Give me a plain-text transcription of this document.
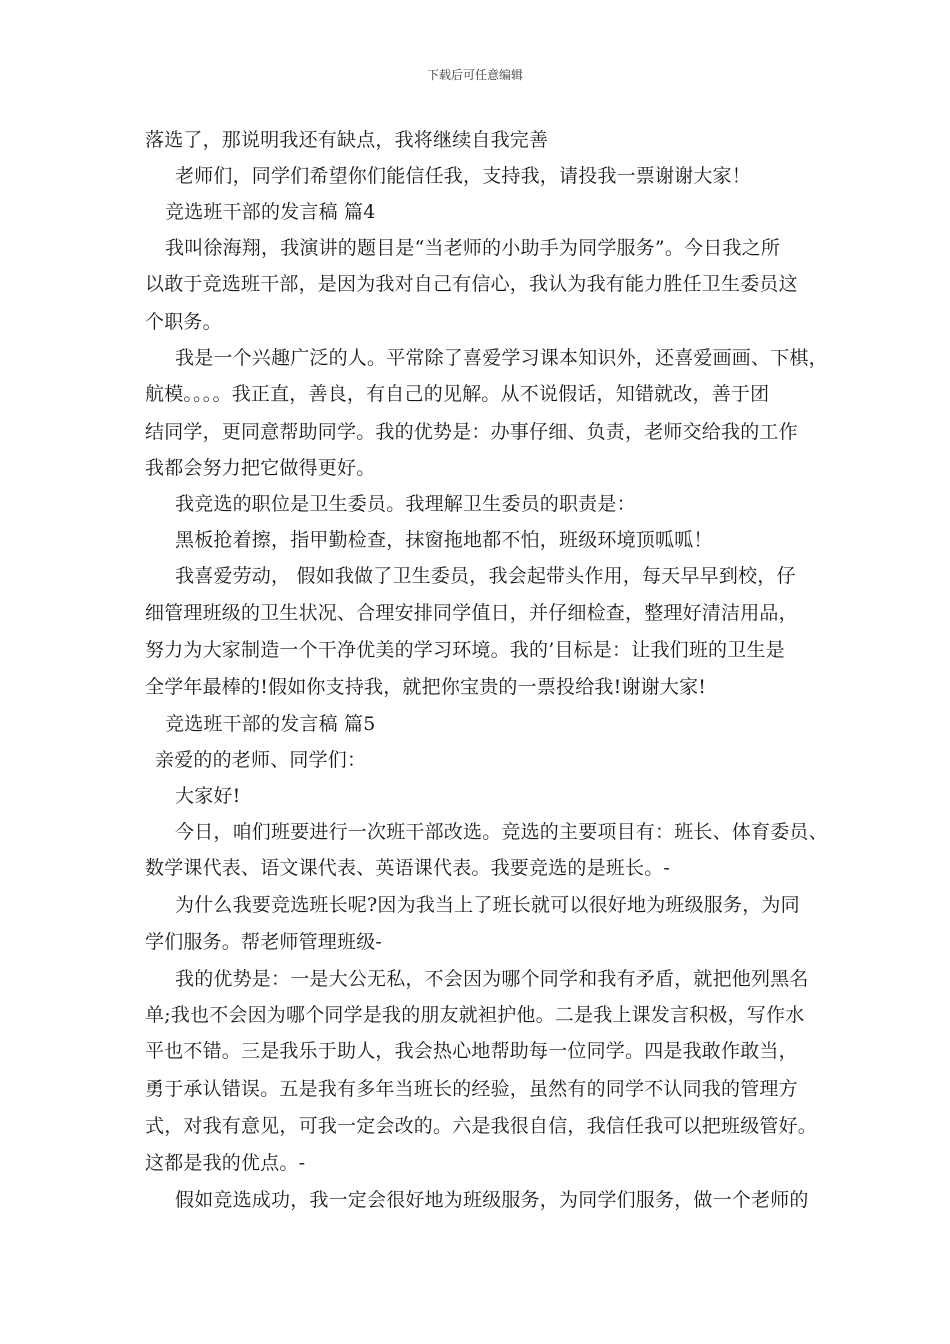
下载后可任意编辑
落选了，那说明我还有缺点，我将继续自我完善
老师们，同学们希望你们能信任我，支持我，请投我一票谢谢大家！
竞选班干部的发言稿 篇4
我叫徐海翔，我演讲的题目是“当老师的小助手为同学服务”。今日我之所
以敢于竞选班干部，是因为我对自己有信心，我认为我有能力胜任卫生委员这
个职务。
我是一个兴趣广泛的人。平常除了喜爱学习课本知识外，还喜爱画画、下棋，
航模。。。。我正直，善良，有自己的见解。从不说假话，知错就改，善于团
结同学，更同意帮助同学。我的优势是：办事仔细、负责，老师交给我的工作
我都会努力把它做得更好。
我竞选的职位是卫生委员。我理解卫生委员的职责是：
黑板抢着擦，指甲勤检查，抹窗拖地都不怕，班级环境顶呱呱！
我喜爱劳动， 假如我做了卫生委员，我会起带头作用，每天早早到校，仔
细管理班级的卫生状况、合理安排同学值日，并仔细检查，整理好清洁用品，
努力为大家制造一个干净优美的学习环境。我的’目标是：让我们班的卫生是
全学年最棒的!假如你支持我，就把你宝贵的一票投给我!谢谢大家!
竞选班干部的发言稿 篇5
亲爱的的老师、同学们：
大家好!
今日，咱们班要进行一次班干部改选。竞选的主要项目有：班长、体育委员、
数学课代表、语文课代表、英语课代表。我要竞选的是班长。-
为什么我要竞选班长呢?因为我当上了班长就可以很好地为班级服务，为同
学们服务。帮老师管理班级-
我的优势是：一是大公无私，不会因为哪个同学和我有矛盾，就把他列黑名
单;我也不会因为哪个同学是我的朋友就袒护他。二是我上课发言积极，写作水
平也不错。三是我乐于助人，我会热心地帮助每一位同学。四是我敢作敢当，
勇于承认错误。五是我有多年当班长的经验，虽然有的同学不认同我的管理方
式，对我有意见，可我一定会改的。六是我很自信，我信任我可以把班级管好。
这都是我的优点。-
假如竞选成功，我一定会很好地为班级服务，为同学们服务，做一个老师的
